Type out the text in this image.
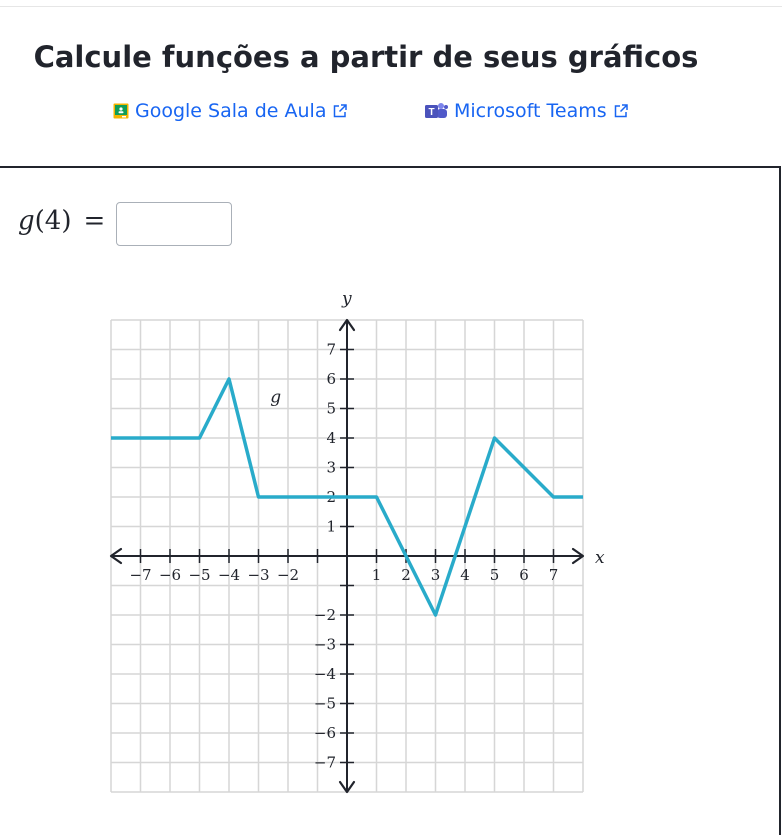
Calcule funções a partir de seus gráficos
Google Sala de Aula	T Microsoft Teams
g (4) =
x
y
−7 −6 −5 −4 −3 −2	1 2 3 4 5 6 7
7
6
5
4
3
2
1
−2
−3
−4
−5
−6
−7
g
